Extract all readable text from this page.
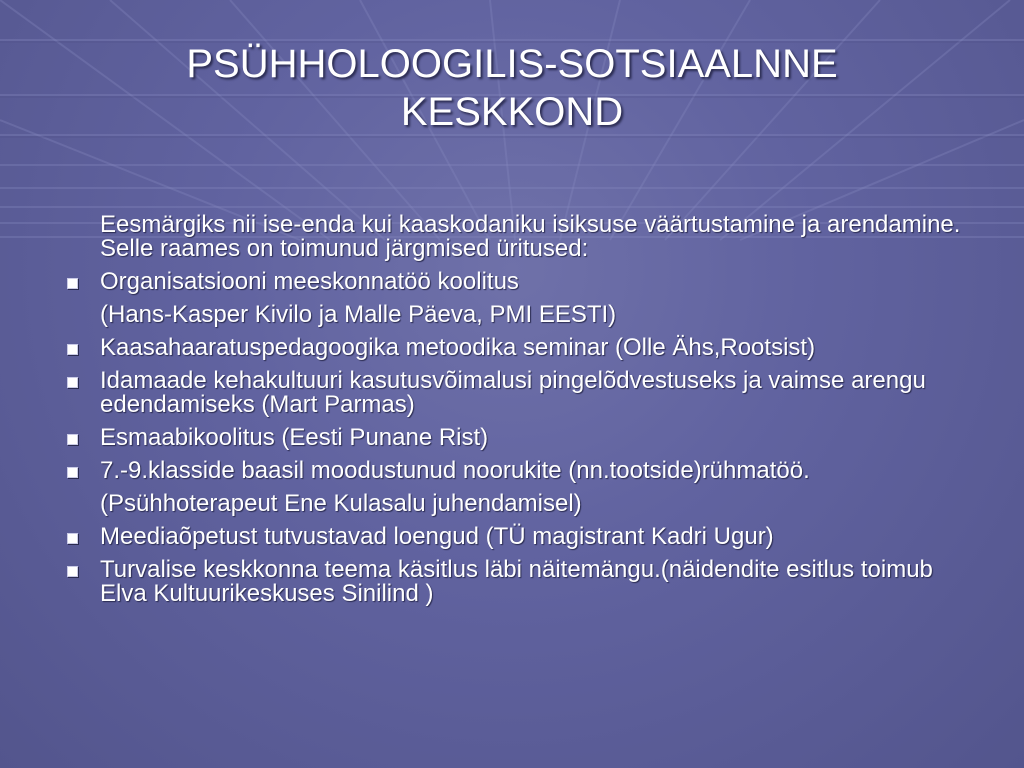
PSÜHHOLOOGILIS-SOTSIAALNNE
KESKKOND
Eesmärgiks nii ise-enda kui kaaskodaniku isiksuse väärtustamine ja arendamine. Selle raames on toimunud järgmised üritused:
Organisatsiooni meeskonnatöö koolitus
(Hans-Kasper Kivilo ja Malle Päeva, PMI EESTI)
Kaasahaaratuspedagoogika metoodika seminar (Olle Ähs,Rootsist)
Idamaade kehakultuuri kasutusvõimalusi pingelõdvestuseks ja vaimse arengu edendamiseks (Mart Parmas)
Esmaabikoolitus (Eesti Punane Rist)
7.-9.klasside baasil moodustunud noorukite (nn.tootside)rühmatöö.
(Psühhoterapeut Ene Kulasalu juhendamisel)
Meediaõpetust tutvustavad loengud (TÜ magistrant Kadri Ugur)
Turvalise keskkonna teema käsitlus läbi näitemängu.(näidendite esitlus toimub Elva Kultuurikeskuses Sinilind )
